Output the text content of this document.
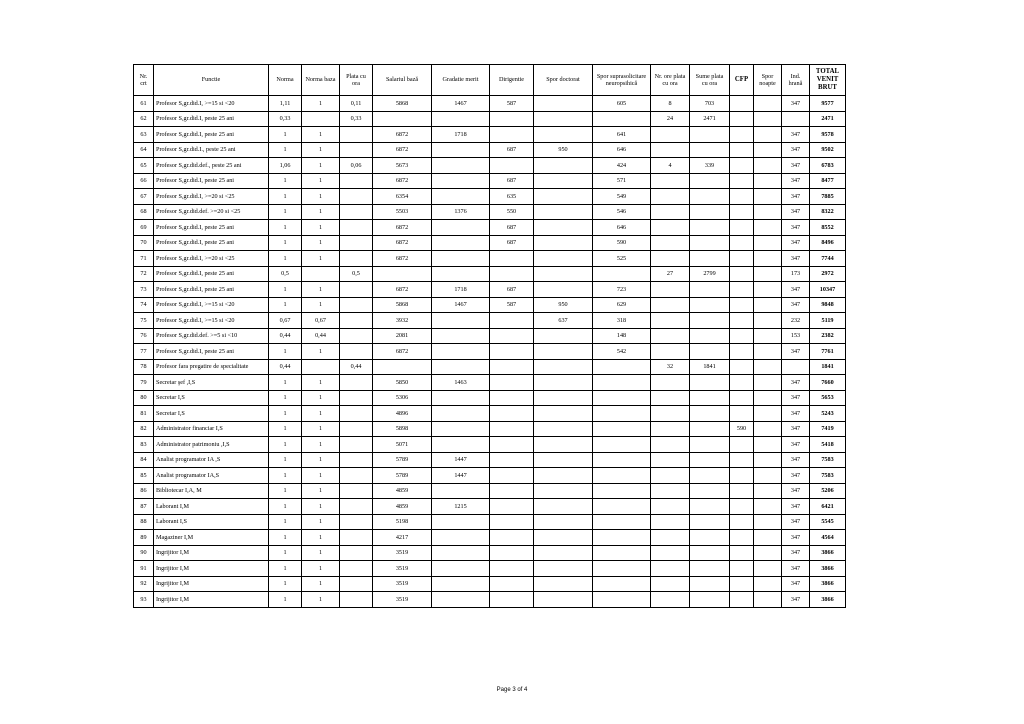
Nr. crt	Functie	Norma	Norma baza	Plata cu ora	Salariul bază	Gradatie merit	Dirigentie	Spor doctorat	Spor suprasolicitare neuropsihică	Nr. ore plata cu ora	Sume plata cu ora	CFP	Spor noapte	Ind. hrană	TOTAL VENIT BRUT
61	Profesor S,gr.did.I, >=15 si <20	1,11	1	0,11	5868	1467	587		605	8	703			347	9577
62	Profesor S,gr.did.I, peste 25 ani	0,33		0,33						24	2471				2471
63	Profesor S,gr.did.I, peste 25 ani	1	1		6872	1718			641					347	9578
64	Profesor S,gr.did.I., peste 25 ani	1	1		6872		687	950	646					347	9502
65	Profesor S,gr.did.def., peste 25 ani	1,06	1	0,06	5673				424	4	339			347	6783
66	Profesor S,gr.did.I, peste 25 ani	1	1		6872		687		571					347	8477
67	Profesor S,gr.did.I, >=20 si <25	1	1		6354		635		549					347	7885
68	Profesor S,gr.did.def. >=20 si <25	1	1		5503	1376	550		546					347	8322
69	Profesor S,gr.did.I, peste 25 ani	1	1		6872		687		646					347	8552
70	Profesor S,gr.did.I, peste 25 ani	1	1		6872		687		590					347	8496
71	Profesor S,gr.did.I, >=20 si <25	1	1		6872				525					347	7744
72	Profesor S,gr.did.I, peste 25 ani	0,5		0,5						27	2799			173	2972
73	Profesor S,gr.did.I, peste 25 ani	1	1		6872	1718	687		723					347	10347
74	Profesor S,gr.did.I, >=15 si <20	1	1		5868	1467	587	950	629					347	9848
75	Profesor S,gr.did.I, >=15 si <20	0,67	0,67		3932			637	318					232	5119
76	Profesor S,gr.did.def. >=5 si <10	0,44	0,44		2081				148					153	2382
77	Profesor S,gr.did.I, peste 25 ani	1	1		6872				542					347	7761
78	Profesor fara pregatire de specialitate	0,44		0,44						32	1841				1841
79	Secretar şef ,I,S	1	1		5850	1463								347	7660
80	Secretar I,S	1	1		5306									347	5653
81	Secretar I,S	1	1		4896									347	5243
82	Administrator financiar I,S	1	1		5898							590		347	7419
83	Administrator patrimoniu ,I,S	1	1		5071									347	5418
84	Analist programator IA ,S	1	1		5789	1447								347	7583
85	Analist programator IA,S	1	1		5789	1447								347	7583
86	Bibliotecar I,A, M	1	1		4859									347	5206
87	Laborant I,M	1	1		4859	1215								347	6421
88	Laborant I,S	1	1		5198									347	5545
89	Magaziner I,M	1	1		4217									347	4564
90	Ingrijitor I,M	1	1		3519									347	3866
91	Ingrijitor I,M	1	1		3519									347	3866
92	Ingrijitor I,M	1	1		3519									347	3866
93	Ingrijitor I,M	1	1		3519									347	3866
Page 3 of 4
